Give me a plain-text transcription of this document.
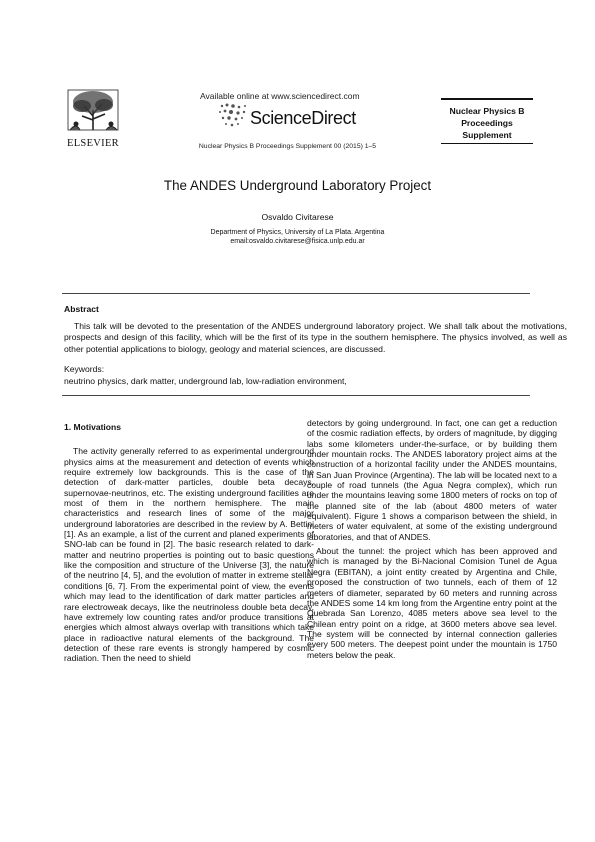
ELSEVIER
Available online at www.sciencedirect.com
ScienceDirect
Nuclear Physics B Proceedings Supplement 00 (2015) 1–5
Nuclear Physics B
Proceedings
Supplement
The ANDES Underground Laboratory Project
Osvaldo Civitarese
Department of Physics, University of La Plata. Argentina
email:osvaldo.civitarese@fisica.unlp.edu.ar
Abstract
This talk will be devoted to the presentation of the ANDES underground laboratory project. We shall talk about the motivations, prospects and design of this facility, which will be the first of its type in the southern hemisphere. The physics involved, as well as other potential applications to biology, geology and material sciences, are discussed.
Keywords:
neutrino physics, dark matter, underground lab, low-radiation environment,
1. Motivations

The activity generally referred to as experimental underground physics aims at the measurement and detection of events which require extremely low backgrounds. This is the case of the detection of dark-matter particles, double beta decays, supernovae-neutrinos, etc. The existing underground facilities are most of them in the northern hemisphere. The main characteristics and research lines of some of the major underground laboratories are described in the review by A. Bettini [1]. As an example, a list of the current and planed experiments of SNO-lab can be found in [2]. The basic research related to dark-matter and neutrino properties is pointing out to basic questions like the composition and structure of the Universe [3], the nature of the neutrino [4, 5], and the evolution of matter in extreme stellar conditions [6, 7]. From the experimental point of view, the events which may lead to the identification of dark matter particles and rare electroweak decays, like the neutrinoless double beta decay, have extremely low counting rates and/or produce transitions at energies which almost always overlap with transitions which take place in radioactive natural elements of the background. The detection of these rare events is strongly hampered by cosmic radiation. Then the need to shield

detectors by going underground. In fact, one can get a reduction of the cosmic radiation effects, by orders of magnitude, by digging labs some kilometers under-the-surface, or by building them under mountain rocks. The ANDES laboratory project aims at the construction of a horizontal facility under the ANDES mountains, in San Juan Province (Argentina). The lab will be located next to a couple of road tunnels (the Agua Negra complex), which run under the mountains leaving some 1800 meters of rocks on top of the planned site of the lab (about 4800 meters of water equivalent). Figure 1 shows a comparison between the shield, in meters of water equivalent, at some of the existing underground laboratories, and that of ANDES.

About the tunnel: the project which has been approved and which is managed by the Bi-Nacional Comision Tunel de Agua Negra (EBITAN), a joint entity created by Argentina and Chile, proposed the construction of two tunnels, each of them of 12 meters of diameter, separated by 60 meters and running across the ANDES some 14 km long from the Argentine entry point at the Quebrada San Lorenzo, 4085 meters above sea level to the Chilean entry point on a ridge, at 3600 meters above sea level. The system will be connected by internal connection galleries every 500 meters. The deepest point under the mountain is 1750 meters below the peak.
